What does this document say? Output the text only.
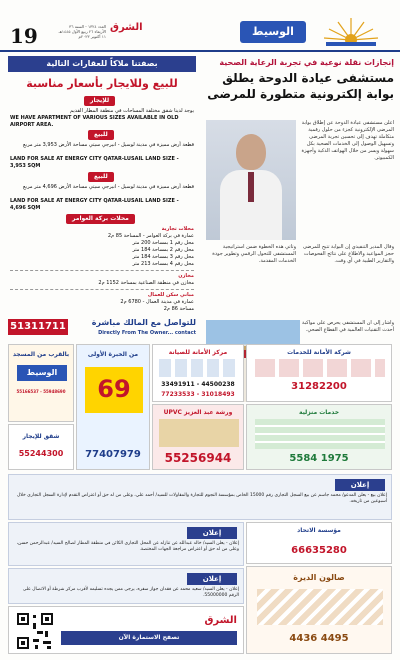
19	العدد ١٣٢٤ - السنة ٣٦
الأربعاء ٢٦ ربيع الأول ١٤٤٥هـ
١١ أكتوبر ٢٠٢٣م
الشرق	الوسيط
إنجازات نقلة نوعية في تجربة الرعاية الصحية
مستشفى عيادة الدوحة يطلق بوابة إلكترونية متطورة للمرضى
أعلن مستشفى عيادة الدوحة عن إطلاق بوابة المرضى الإلكترونية كجزء من حلول رقمية متكاملة تهدف إلى تحسين تجربة المرضى وتسهيل الوصول إلى الخدمات الصحية بكل سهولة ويسر من خلال الهواتف الذكية وأجهزة الكمبيوتر.
وقال المدير التنفيذي إن البوابة تتيح للمرضى حجز المواعيد والاطلاع على نتائج الفحوصات والتقارير الطبية في أي وقت.
وتأتي هذه الخطوة ضمن استراتيجية المستشفى للتحول الرقمي وتطوير جودة الخدمات المقدمة.
وأشار إلى أن المستشفى يحرص على مواكبة أحدث التقنيات العالمية في القطاع الصحي.
بصفتنا ملاكاً للعقارات التالية
للبيع وللايجار بأسعار مناسبة
للإيجار
يوجد لدينا شقق مختلفة المساحات في منطقة المطار القديم
WE HAVE APARTMENT OF VARIOUS SIZES AVAILABLE IN OLD AIRPORT AREA.
للبيع
قطعة أرض مميزة في مدينة لوسيل - انيرجي سيتي مساحة الأرض 3,953 متر مربع
LAND FOR SALE AT ENERGY CITY QATAR-LUSAIL LAND SIZE - 3,953 SQM
للبيع
قطعة أرض مميزة في مدينة لوسيل - انيرجي سيتي مساحة الأرض 4,696 متر مربع
LAND FOR SALE AT ENERGY CITY QATAR-LUSAIL LAND SIZE - 4,696 SQM
محلات بركة العوامر
محلات تجارية
عمارة في بركة العوامر - المساحة 85 م2
محل رقم 1 بمساحة 200 متر
محل رقم 2 بمساحة 184 متر
محل رقم 3 بمساحة 184 متر
محل رقم 4 بمساحة 213 متر
مخازن
مخازن في منطقة الصناعية بمساحة 1152 م2
مباني سكن للعمال
عمارة في مدينة العمال - 6780 م2
مساحة 86 م2
51311711	للتواصل مع المالك مباشرة
Directly From The Owner... contact
بالقرب من المسجد
الوسيط
55948690 - 55166537
من الخبرة الأولى
69
77407979
مركز الأمانة للصيانة
44500238 - 33491911
31018493 - 77233533
شركة الأمانة للخدمات
31282200
شقق للإيجار
55244300
ورشة عبد العزيز UPVC
55256944
خدمات منزلية
5584 1975
إعلان
إعلان بيع - يعلن المدعو/ محمد جاسم عن بيع السجل التجاري رقم 15000 الخاص بمؤسسة النجوم للتجارة والمقاولات للسيد/ أحمد علي، وعلى من له حق أو اعتراض التقدم لإدارة السجل التجاري خلال أسبوعين من تاريخه.
إعلان
إعلان - يعلن السيد/ خالد عبدالله عن تنازله عن المحل التجاري الكائن في منطقة المطار لصالح السيد/ عبدالرحمن حسن، وعلى من له حق أو اعتراض مراجعة الجهات المختصة.
إعلان
إعلان - يعلن السيد/ سعيد محمد عن فقدان جواز سفره، يرجى ممن يجده تسليمه لأقرب مركز شرطة أو الاتصال على الرقم 55000000.
مؤسسة الاتحاد
66635280
صالون الديرة
4436 4495
الشرق
تصفح الاستمارة الآن
